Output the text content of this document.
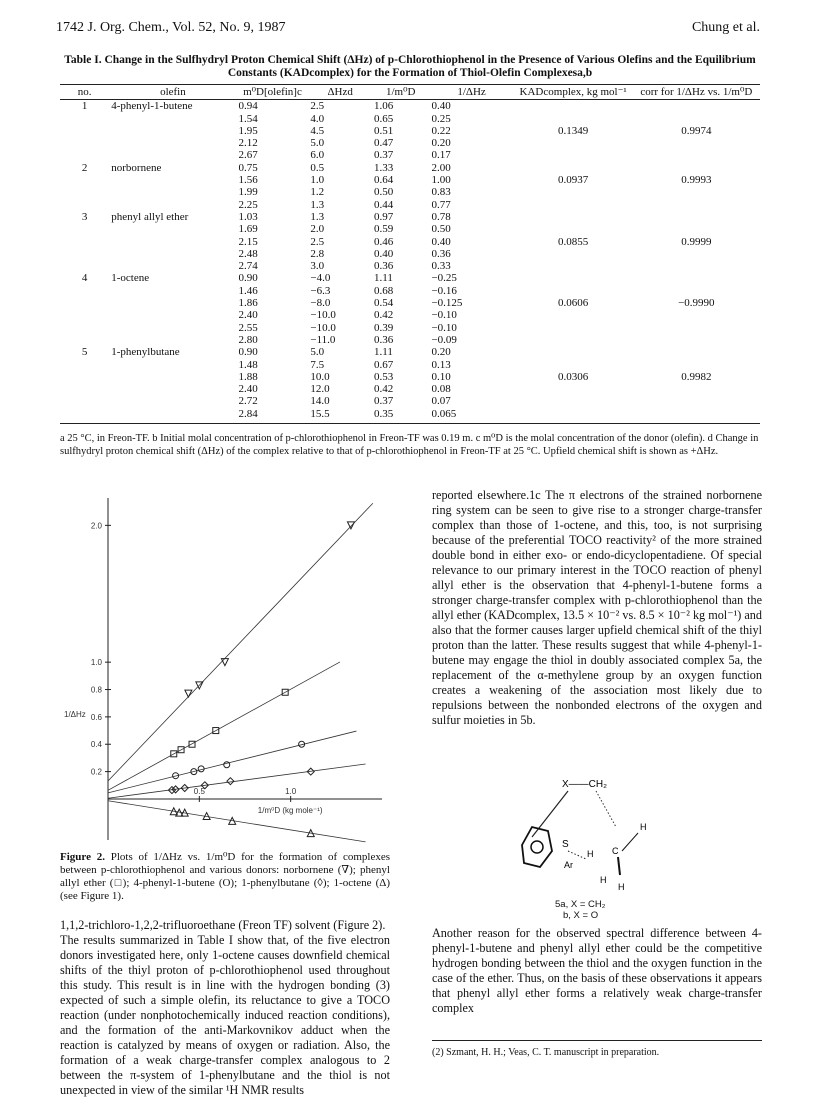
1742 J. Org. Chem., Vol. 52, No. 9, 1987	Chung et al.
Table I. Change in the Sulfhydryl Proton Chemical Shift (ΔHz) of p-Chlorothiophenol in the Presence of Various Olefins and the Equilibrium Constants (KADcomplex) for the Formation of Thiol-Olefin Complexesa,b
no.	olefin	m⁰D[olefin]c	ΔHzd	1/m⁰D	1/ΔHz	KADcomplex, kg mol⁻¹	corr for 1/ΔHz vs. 1/m⁰D
1	4-phenyl-1-butene	0.94	2.5	1.06	0.40		
		1.54	4.0	0.65	0.25		
		1.95	4.5	0.51	0.22	0.1349	0.9974
		2.12	5.0	0.47	0.20		
		2.67	6.0	0.37	0.17		
2	norbornene	0.75	0.5	1.33	2.00		
		1.56	1.0	0.64	1.00	0.0937	0.9993
		1.99	1.2	0.50	0.83		
		2.25	1.3	0.44	0.77		
3	phenyl allyl ether	1.03	1.3	0.97	0.78		
		1.69	2.0	0.59	0.50		
		2.15	2.5	0.46	0.40	0.0855	0.9999
		2.48	2.8	0.40	0.36		
		2.74	3.0	0.36	0.33		
4	1-octene	0.90	−4.0	1.11	−0.25		
		1.46	−6.3	0.68	−0.16		
		1.86	−8.0	0.54	−0.125	0.0606	−0.9990
		2.40	−10.0	0.42	−0.10		
		2.55	−10.0	0.39	−0.10		
		2.80	−11.0	0.36	−0.09		
5	1-phenylbutane	0.90	5.0	1.11	0.20		
		1.48	7.5	0.67	0.13		
		1.88	10.0	0.53	0.10	0.0306	0.9982
		2.40	12.0	0.42	0.08		
		2.72	14.0	0.37	0.07		
		2.84	15.5	0.35	0.065		
a 25 °C, in Freon-TF. b Initial molal concentration of p-chlorothiophenol in Freon-TF was 0.19 m. c m⁰D is the molal concentration of the donor (olefin). d Change in sulfhydryl proton chemical shift (ΔHz) of the complex relative to that of p-chlorothiophenol in Freon-TF at 25 °C. Upfield chemical shift is shown as +ΔHz.
0.2
0.4
0.6
0.8
1.0
2.0
0.5	1.0
1/ΔHz
1/m⁰D (kg mole⁻¹)
Figure 2. Plots of 1/ΔHz vs. 1/m⁰D for the formation of complexes between p-chlorothiophenol and various donors: norbornene (∇); phenyl allyl ether (□); 4-phenyl-1-butene (O); 1-phenylbutane (◊); 1-octene (Δ) (see Figure 1).
1,1,2-trichloro-1,2,2-trifluoroethane (Freon TF) solvent (Figure 2).
The results summarized in Table I show that, of the five electron donors investigated here, only 1-octene causes downfield chemical shifts of the thiyl proton of p-chlorothiophenol used throughout this study. This result is in line with the hydrogen bonding (3) expected of such a simple olefin, its reluctance to give a TOCO reaction (under nonphotochemically induced reaction conditions), and the formation of the anti-Markovnikov adduct when the reaction is catalyzed by means of oxygen or radiation. Also, the formation of a weak charge-transfer complex analogous to 2 between the π-system of 1-phenylbutane and the thiol is not unexpected in view of the similar ¹H NMR results
reported elsewhere.1c The π electrons of the strained norbornene ring system can be seen to give rise to a stronger charge-transfer complex than those of 1-octene, and this, too, is not surprising because of the preferential TOCO reactivity² of the more strained double bond in either exo- or endo-dicyclopentadiene. Of special relevance to our primary interest in the TOCO reaction of phenyl allyl ether is the observation that 4-phenyl-1-butene forms a stronger charge-transfer complex with p-chlorothiophenol than the allyl ether (KADcomplex, 13.5 × 10⁻² vs. 8.5 × 10⁻² kg mol⁻¹) and also that the former causes larger upfield chemical shift of the thiyl proton than the latter. These results suggest that while 4-phenyl-1-butene may engage the thiol in doubly associated complex 5a, the replacement of the α-methylene group by an oxygen function creates a weakening of the association most likely due to repulsions between the nonbonded electrons of the oxygen and sulfur moieties in 5b.
X——CH₂
S
Ar
H C
H
H
H
5a, X = CH₂
b, X = O
Another reason for the observed spectral difference between 4-phenyl-1-butene and phenyl allyl ether could be the competitive hydrogen bonding between the thiol and the oxygen function in the case of the ether. Thus, on the basis of these observations it appears that phenyl allyl ether forms a relatively weak charge-transfer complex
(2) Szmant, H. H.; Veas, C. T. manuscript in preparation.
